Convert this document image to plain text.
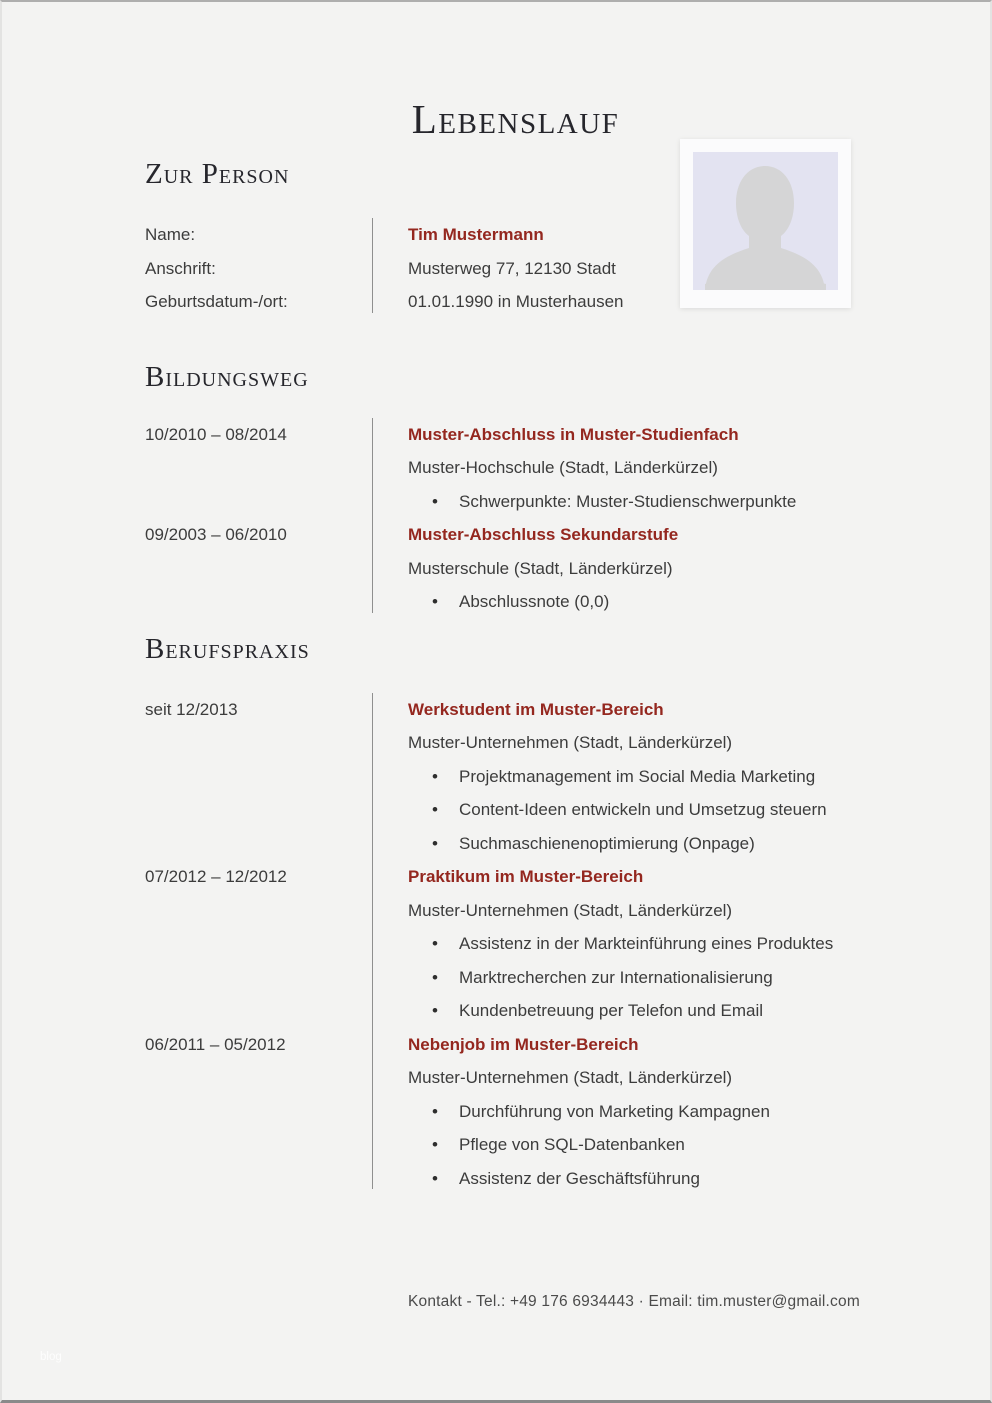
Lebenslauf
Zur Person
Name:	Tim Mustermann
Anschrift:	Musterweg 77, 12130 Stadt
Geburtsdatum-/ort:	01.01.1990 in Musterhausen
Bildungsweg
10/2010 – 08/2014	Muster-Abschluss in Muster-Studienfach
Muster-Hochschule (Stadt, Länderkürzel)
Schwerpunkte: Muster-Studienschwerpunkte
09/2003 – 06/2010	Muster-Abschluss Sekundarstufe
Musterschule (Stadt, Länderkürzel)
Abschlussnote (0,0)
Berufspraxis
seit 12/2013	Werkstudent im Muster-Bereich
Muster-Unternehmen (Stadt, Länderkürzel)
Projektmanagement im Social Media Marketing
Content-Ideen entwickeln und Umsetzug steuern
Suchmaschienenoptimierung (Onpage)
07/2012 – 12/2012	Praktikum im Muster-Bereich
Muster-Unternehmen (Stadt, Länderkürzel)
Assistenz in der Markteinführung eines Produktes
Marktrecherchen zur Internationalisierung
Kundenbetreuung per Telefon und Email
06/2011 – 05/2012	Nebenjob im Muster-Bereich
Muster-Unternehmen (Stadt, Länderkürzel)
Durchführung von Marketing Kampagnen
Pflege von SQL-Datenbanken
Assistenz der Geschäftsführung
Kontakt - Tel.: +49 176 6934443 · Email: tim.muster@gmail.com
blog
